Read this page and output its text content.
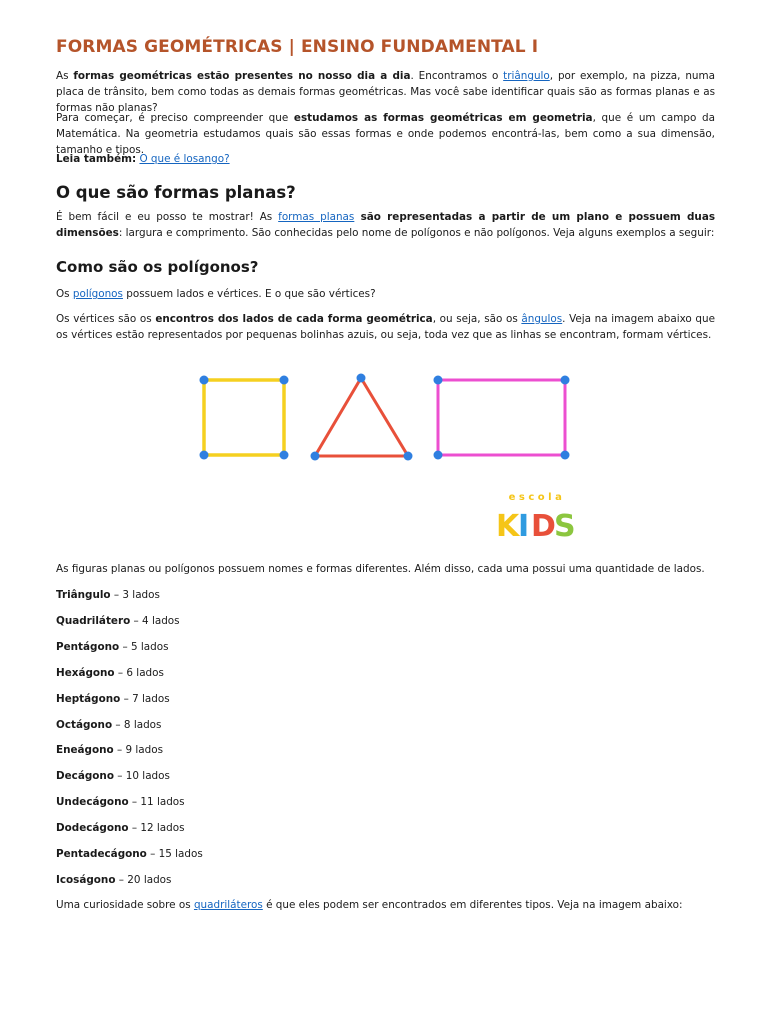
FORMAS GEOMÉTRICAS | ENSINO FUNDAMENTAL I

As formas geométricas estão presentes no nosso dia a dia. Encontramos o triângulo, por exemplo, na pizza, numa placa de trânsito, bem como todas as demais formas geométricas. Mas você sabe identificar quais são as formas planas e as formas não planas?

Para começar, é preciso compreender que estudamos as formas geométricas em geometria, que é um campo da Matemática. Na geometria estudamos quais são essas formas e onde podemos encontrá-las, bem como a sua dimensão, tamanho e tipos.

Leia também: O que é losango?

O que são formas planas?

É bem fácil e eu posso te mostrar! As formas planas são representadas a partir de um plano e possuem duas dimensões: largura e comprimento. São conhecidas pelo nome de polígonos e não polígonos. Veja alguns exemplos a seguir:

Como são os polígonos?

Os polígonos possuem lados e vértices. E o que são vértices?

Os vértices são os encontros dos lados de cada forma geométrica, ou seja, são os ângulos. Veja na imagem abaixo que os vértices estão representados por pequenas bolinhas azuis, ou seja, toda vez que as linhas se encontram, formam vértices.

escola
K
I D
S

As figuras planas ou polígonos possuem nomes e formas diferentes. Além disso, cada uma possui uma quantidade de lados.

Triângulo – 3 lados

Quadrilátero – 4 lados

Pentágono – 5 lados

Hexágono – 6 lados

Heptágono – 7 lados

Octágono – 8 lados

Eneágono – 9 lados

Decágono – 10 lados

Undecágono – 11 lados

Dodecágono – 12 lados

Pentadecágono – 15 lados

Icoságono – 20 lados

Uma curiosidade sobre os quadriláteros é que eles podem ser encontrados em diferentes tipos. Veja na imagem abaixo:
